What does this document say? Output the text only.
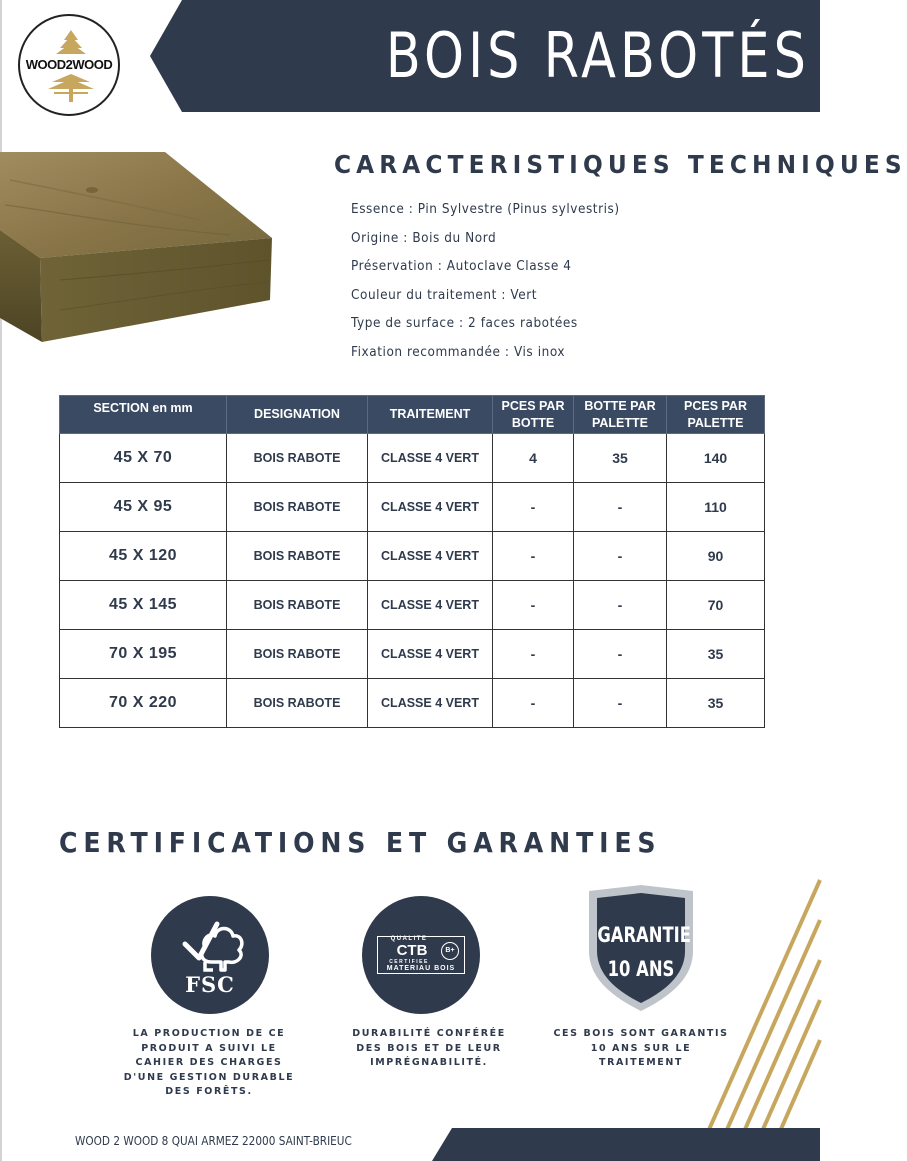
BOIS RABOTÉS
WOOD2WOOD
CARACTERISTIQUES TECHNIQUES
Essence : Pin Sylvestre (Pinus sylvestris)
Origine : Bois du Nord
Préservation : Autoclave Classe 4
Couleur du traitement : Vert
Type de surface : 2 faces rabotées
Fixation recommandée : Vis inox
SECTION en mm	DESIGNATION	TRAITEMENT	PCES PAR BOTTE	BOTTE PAR PALETTE	PCES PAR PALETTE
45 X 70	BOIS RABOTE	CLASSE 4 VERT	4	35	140
45 X 95	BOIS RABOTE	CLASSE 4 VERT	-	-	110
45 X 120	BOIS RABOTE	CLASSE 4 VERT	-	-	90
45 X 145	BOIS RABOTE	CLASSE 4 VERT	-	-	70
70 X 195	BOIS RABOTE	CLASSE 4 VERT	-	-	35
70 X 220	BOIS RABOTE	CLASSE 4 VERT	-	-	35
CERTIFICATIONS ET GARANTIES
FSC
QUALITE
CTB
CERTIFIEE
B+
MATERIAU BOIS
GARANTIE
10 ANS
LA PRODUCTION DE CE PRODUIT A SUIVI LE CAHIER DES CHARGES D'UNE GESTION DURABLE DES FORÊTS.
DURABILITÉ CONFÉRÉE DES BOIS ET DE LEUR IMPRÉGNABILITÉ.
CES BOIS SONT GARANTIS 10 ANS SUR LE TRAITEMENT
WOOD 2 WOOD 8 QUAI ARMEZ 22000 SAINT-BRIEUC
